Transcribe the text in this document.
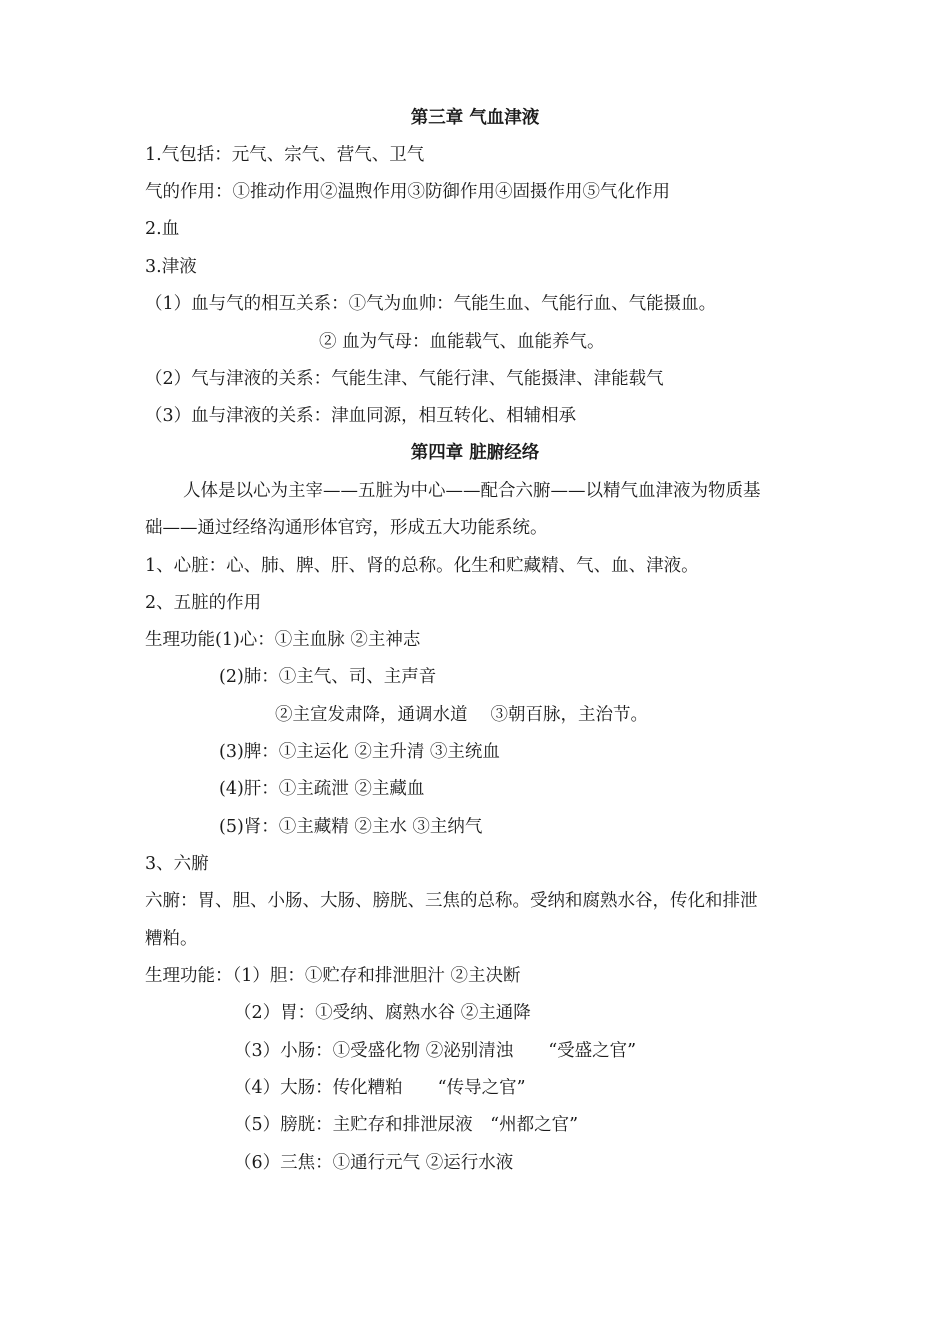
第三章 气血津液
1.气包括：元气、宗气、营气、卫气
气的作用：①推动作用②温煦作用③防御作用④固摄作用⑤气化作用
2.血
3.津液
（1）血与气的相互关系：①气为血帅：气能生血、气能行血、气能摄血。
② 血为气母：血能载气、血能养气。
（2）气与津液的关系：气能生津、气能行津、气能摄津、津能载气
（3）血与津液的关系：津血同源，相互转化、相辅相承
第四章 脏腑经络
人体是以心为主宰——五脏为中心——配合六腑——以精气血津液为物质基
础——通过经络沟通形体官窍，形成五大功能系统。
1、心脏：心、肺、脾、肝、肾的总称。化生和贮藏精、气、血、津液。
2、五脏的作用
生理功能(1)心：①主血脉 ②主神志
(2)肺：①主气、司、主声音
②主宣发肃降，通调水道　 ③朝百脉，主治节。
(3)脾：①主运化 ②主升清 ③主统血
(4)肝：①主疏泄 ②主藏血
(5)肾：①主藏精 ②主水 ③主纳气
3、六腑
六腑：胃、胆、小肠、大肠、膀胱、三焦的总称。受纳和腐熟水谷，传化和排泄
糟粕。
生理功能：（1）胆：①贮存和排泄胆汁 ②主决断
（2）胃：①受纳、腐熟水谷 ②主通降
（3）小肠：①受盛化物 ②泌别清浊　　“受盛之官”
（4）大肠：传化糟粕　　“传导之官”
（5）膀胱：主贮存和排泄尿液　“州都之官”
（6）三焦：①通行元气 ②运行水液
